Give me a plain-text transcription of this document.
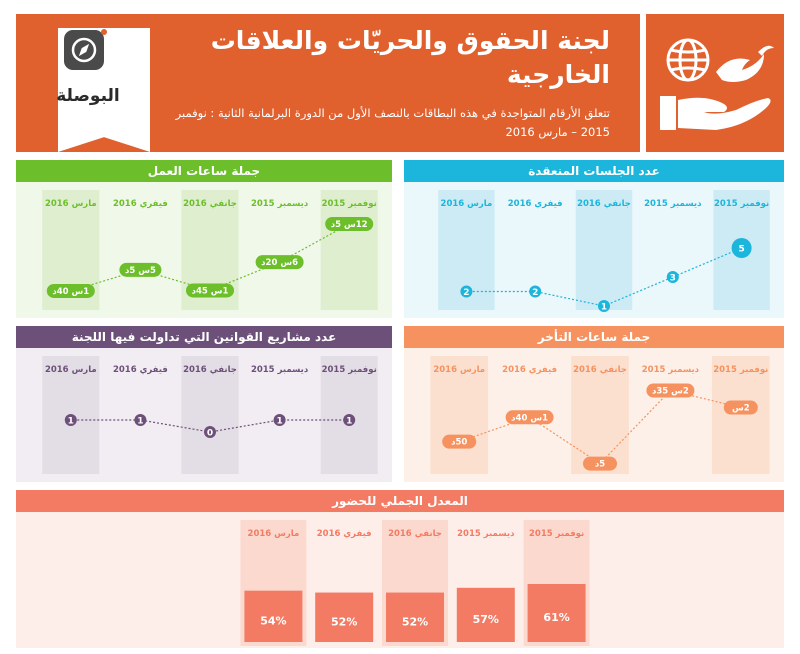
البوصلة
لجنة الحقوق والحريّات والعلاقات الخارجية
تتعلق الأرقام المتواجدة في هذه البطاقات بالنصف الأول من الدورة البرلمانية الثانية : نوفمبر 2015 – مارس 2016
جملة ساعات العمل
نوفمبر 2015
ديسمبر 2015
جانفي 2016
فيفري 2016
مارس 2016
12س 5د
6س 20د
1س 45د
5س 5د
1س 40د
عدد الجلسات المنعقدة
نوفمبر 2015
ديسمبر 2015
جانفي 2016
فيفري 2016
مارس 2016
5
3
1
2
2
عدد مشاريع القوانين التي تداولت فيها اللجنة
نوفمبر 2015
ديسمبر 2015
جانفي 2016
فيفري 2016
مارس 2016
1
1
0
1
1
جملة ساعات التأخر
نوفمبر 2015
ديسمبر 2015
جانفي 2016
فيفري 2016
مارس 2016
2س
2س 35د
5د
1س 40د
50د
المعدل الجملي للحضور
نوفمبر 2015
61%
ديسمبر 2015
57%
جانفي 2016
52%
فيفري 2016
52%
مارس 2016
54%
